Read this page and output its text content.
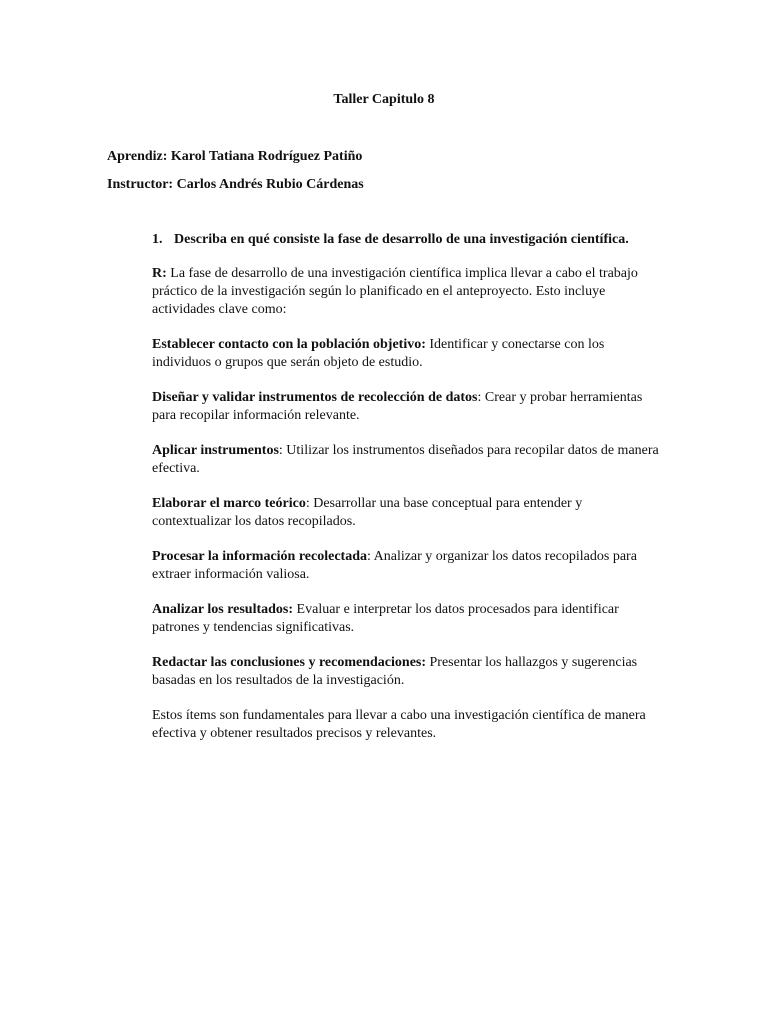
Taller Capitulo 8
Aprendiz: Karol Tatiana Rodríguez Patiño
Instructor: Carlos Andrés Rubio Cárdenas
1. Describa en qué consiste la fase de desarrollo de una investigación científica.

R: La fase de desarrollo de una investigación científica implica llevar a cabo el trabajo práctico de la investigación según lo planificado en el anteproyecto. Esto incluye actividades clave como:

Establecer contacto con la población objetivo: Identificar y conectarse con los individuos o grupos que serán objeto de estudio.

Diseñar y validar instrumentos de recolección de datos: Crear y probar herramientas para recopilar información relevante.

Aplicar instrumentos: Utilizar los instrumentos diseñados para recopilar datos de manera efectiva.

Elaborar el marco teórico: Desarrollar una base conceptual para entender y contextualizar los datos recopilados.

Procesar la información recolectada: Analizar y organizar los datos recopilados para extraer información valiosa.

Analizar los resultados: Evaluar e interpretar los datos procesados para identificar patrones y tendencias significativas.

Redactar las conclusiones y recomendaciones: Presentar los hallazgos y sugerencias basadas en los resultados de la investigación.

Estos ítems son fundamentales para llevar a cabo una investigación científica de manera efectiva y obtener resultados precisos y relevantes.
